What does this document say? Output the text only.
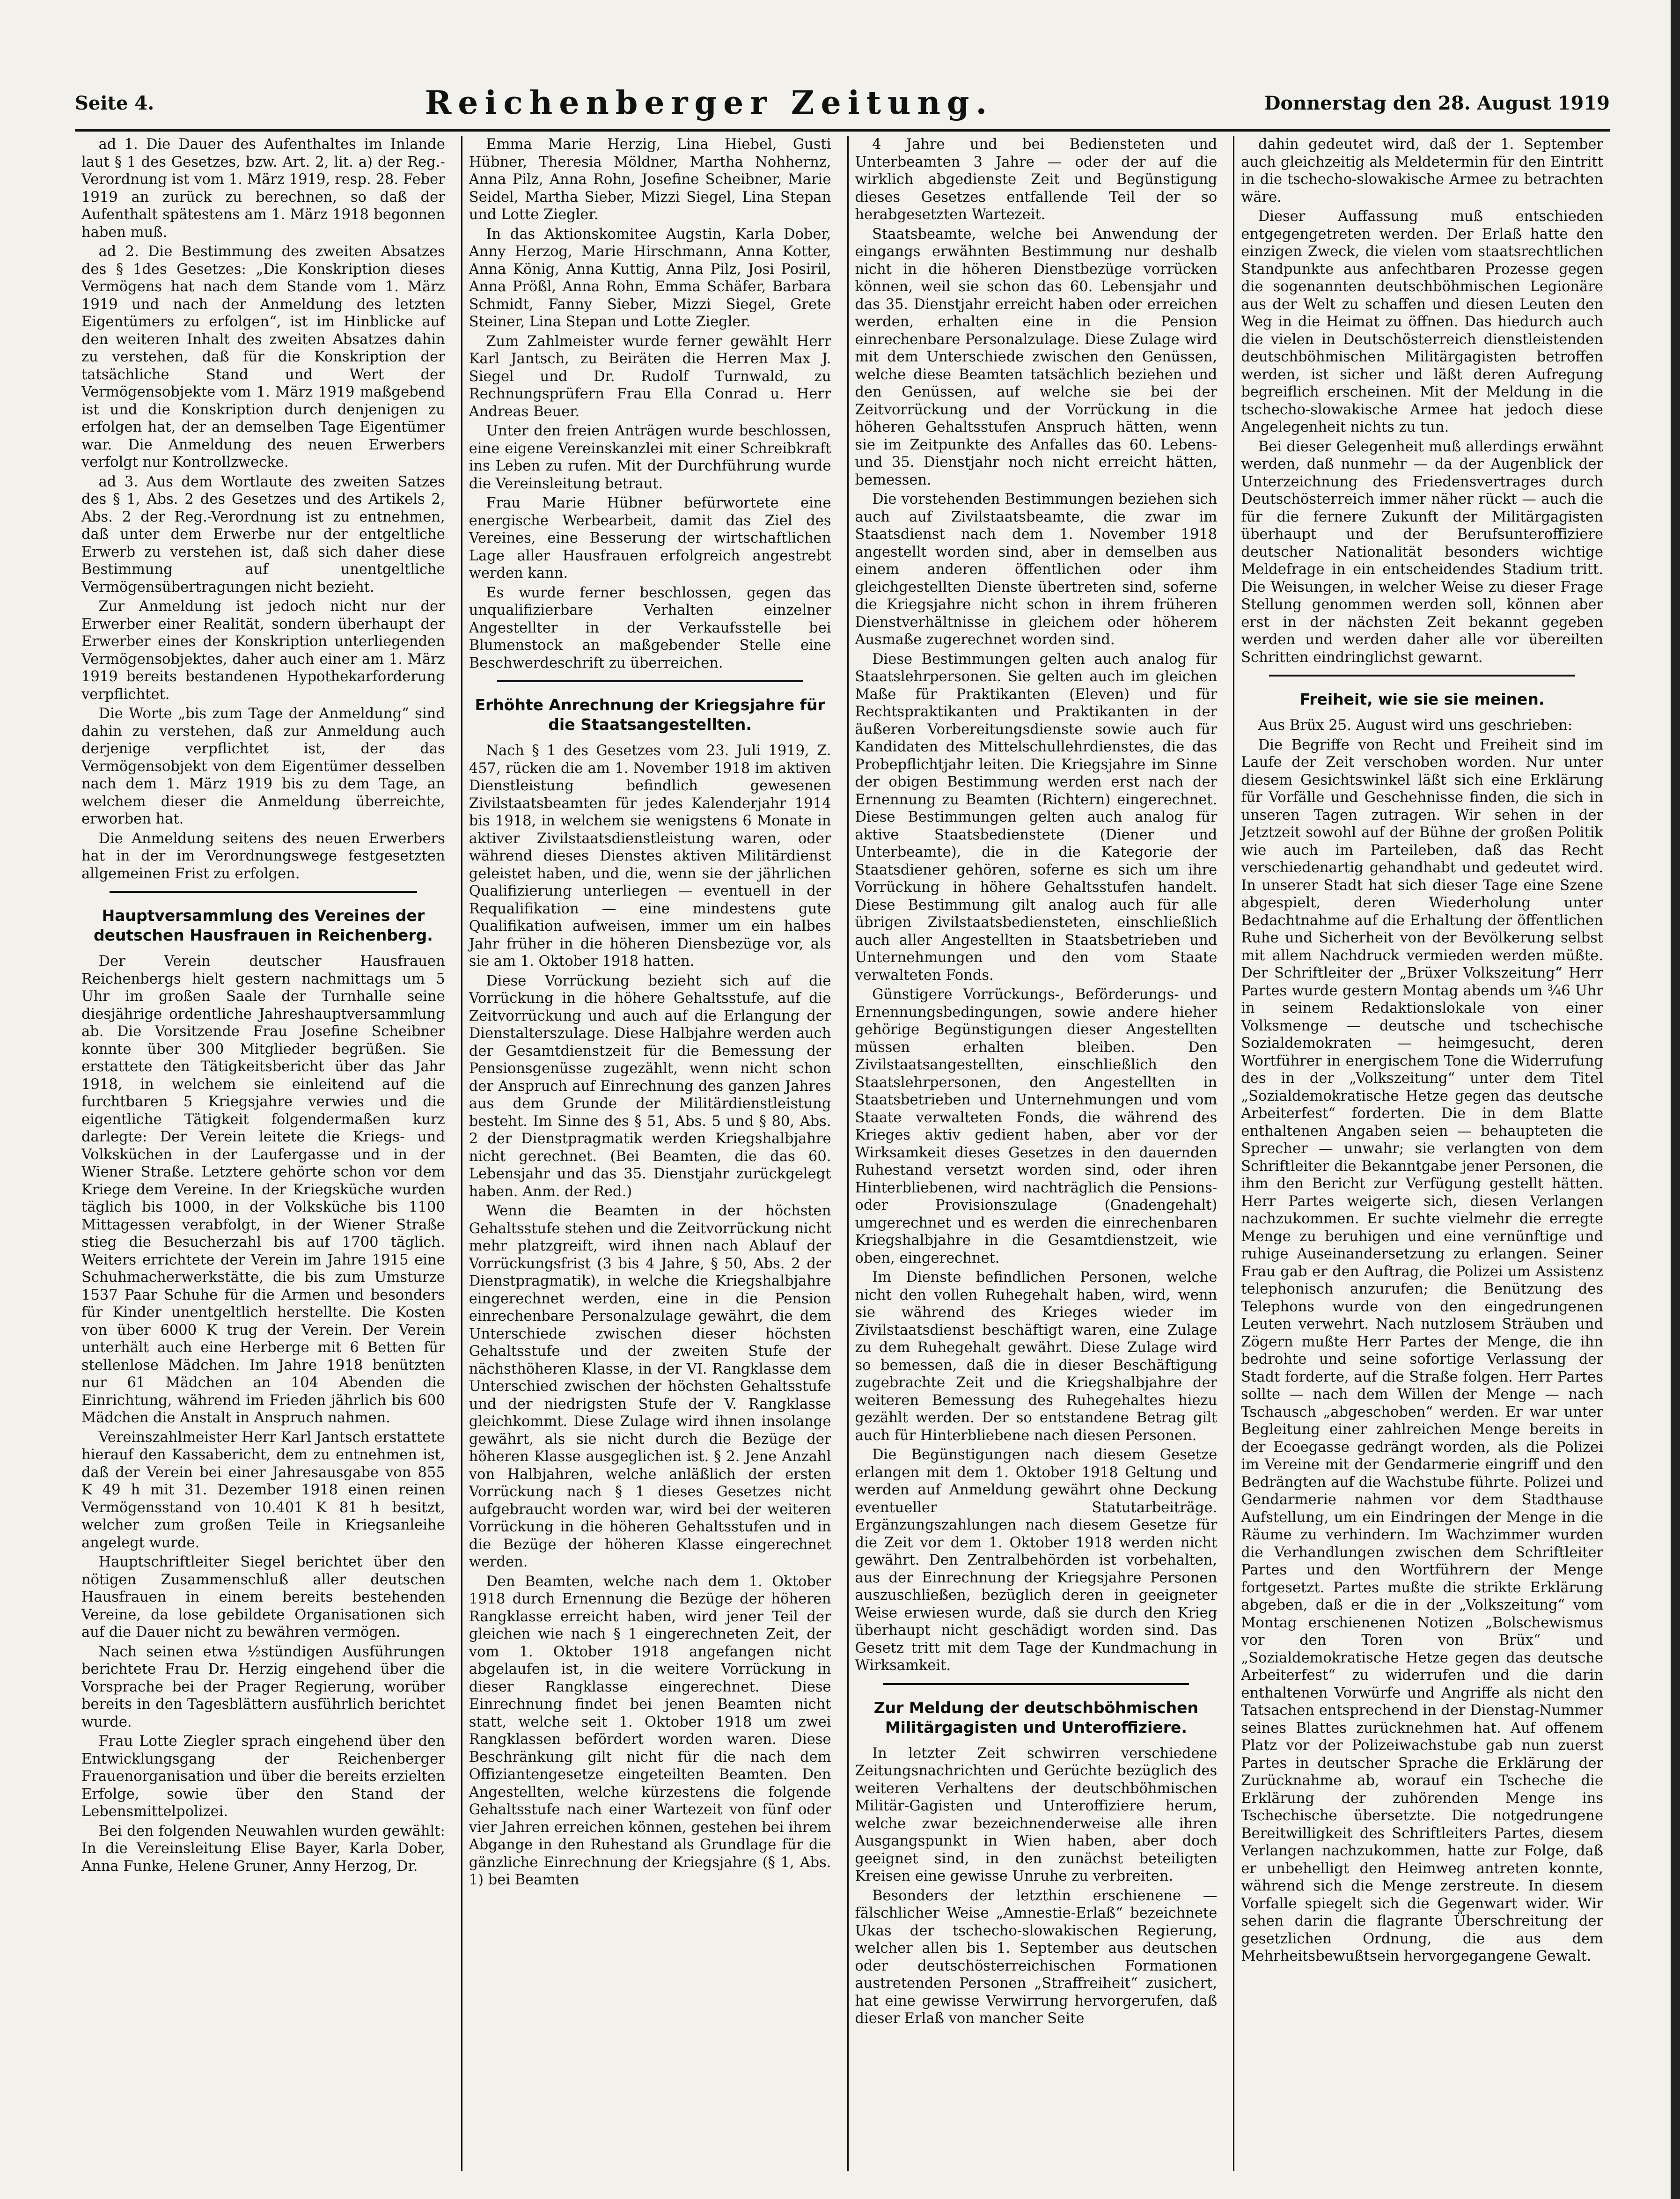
Seite 4.	Reichenberger Zeitung.	Donnerstag den 28. August 1919

ad 1. Die Dauer des Aufenthaltes im Inlande laut § 1 des Gesetzes, bzw. Art. 2, lit. a) der Reg.-Verordnung ist vom 1. März 1919, resp. 28. Feber 1919 an zurück zu berechnen, so daß der Aufenthalt spätestens am 1. März 1918 begonnen haben muß.

ad 2. Die Bestimmung des zweiten Absatzes des § 1des Gesetzes: „Die Konskription dieses Vermögens hat nach dem Stande vom 1. März 1919 und nach der Anmeldung des letzten Eigentümers zu erfolgen“, ist im Hinblicke auf den weiteren Inhalt des zweiten Absatzes dahin zu verstehen, daß für die Konskription der tatsächliche Stand und Wert der Vermögensobjekte vom 1. März 1919 maßgebend ist und die Konskription durch denjenigen zu erfolgen hat, der an demselben Tage Eigentümer war. Die Anmeldung des neuen Erwerbers verfolgt nur Kontrollzwecke.

ad 3. Aus dem Wortlaute des zweiten Satzes des § 1, Abs. 2 des Gesetzes und des Artikels 2, Abs. 2 der Reg.-Verordnung ist zu entnehmen, daß unter dem Erwerbe nur der entgeltliche Erwerb zu verstehen ist, daß sich daher diese Bestimmung auf unentgeltliche Vermögensübertragungen nicht bezieht.

Zur Anmeldung ist jedoch nicht nur der Erwerber einer Realität, sondern überhaupt der Erwerber eines der Konskription unterliegenden Vermögensobjektes, daher auch einer am 1. März 1919 bereits bestandenen Hypothekarforderung verpflichtet.

Die Worte „bis zum Tage der Anmeldung“ sind dahin zu verstehen, daß zur Anmeldung auch derjenige verpflichtet ist, der das Vermögensobjekt von dem Eigentümer desselben nach dem 1. März 1919 bis zu dem Tage, an welchem dieser die Anmeldung überreichte, erworben hat.

Die Anmeldung seitens des neuen Erwerbers hat in der im Verordnungswege festgesetzten allgemeinen Frist zu erfolgen.

Hauptversammlung des Vereines der deutschen Hausfrauen in Reichenberg.

Der Verein deutscher Hausfrauen Reichenbergs hielt gestern nachmittags um 5 Uhr im großen Saale der Turnhalle seine diesjährige ordentliche Jahreshauptversammlung ab. Die Vorsitzende Frau Josefine Scheibner konnte über 300 Mitglieder begrüßen. Sie erstattete den Tätigkeitsbericht über das Jahr 1918, in welchem sie einleitend auf die furchtbaren 5 Kriegsjahre verwies und die eigentliche Tätigkeit folgendermaßen kurz darlegte: Der Verein leitete die Kriegs- und Volksküchen in der Laufergasse und in der Wiener Straße. Letztere gehörte schon vor dem Kriege dem Vereine. In der Kriegsküche wurden täglich bis 1000, in der Volksküche bis 1100 Mittagessen verabfolgt, in der Wiener Straße stieg die Besucherzahl bis auf 1700 täglich. Weiters errichtete der Verein im Jahre 1915 eine Schuhmacherwerkstätte, die bis zum Umsturze 1537 Paar Schuhe für die Armen und besonders für Kinder unentgeltlich herstellte. Die Kosten von über 6000 K trug der Verein. Der Verein unterhält auch eine Herberge mit 6 Betten für stellenlose Mädchen. Im Jahre 1918 benützten nur 61 Mädchen an 104 Abenden die Einrichtung, während im Frieden jährlich bis 600 Mädchen die Anstalt in Anspruch nahmen.

Vereinszahlmeister Herr Karl Jantsch erstattete hierauf den Kassabericht, dem zu entnehmen ist, daß der Verein bei einer Jahresausgabe von 855 K 49 h mit 31. Dezember 1918 einen reinen Vermögensstand von 10.401 K 81 h besitzt, welcher zum großen Teile in Kriegsanleihe angelegt wurde.

Hauptschriftleiter Siegel berichtet über den nötigen Zusammenschluß aller deutschen Hausfrauen in einem bereits bestehenden Vereine, da lose gebildete Organisationen sich auf die Dauer nicht zu bewähren vermögen.

Nach seinen etwa ½stündigen Ausführungen berichtete Frau Dr. Herzig eingehend über die Vorsprache bei der Prager Regierung, worüber bereits in den Tagesblättern ausführlich berichtet wurde.

Frau Lotte Ziegler sprach eingehend über den Entwicklungsgang der Reichenberger Frauenorganisation und über die bereits erzielten Erfolge, sowie über den Stand der Lebensmittelpolizei.

Bei den folgenden Neuwahlen wurden gewählt: In die Vereinsleitung Elise Bayer, Karla Dober, Anna Funke, Helene Gruner, Anny Herzog, Dr.

Emma Marie Herzig, Lina Hiebel, Gusti Hübner, Theresia Möldner, Martha Nohhernz, Anna Pilz, Anna Rohn, Josefine Scheibner, Marie Seidel, Martha Sieber, Mizzi Siegel, Lina Stepan und Lotte Ziegler.

In das Aktionskomitee Augstin, Karla Dober, Anny Herzog, Marie Hirschmann, Anna Kotter, Anna König, Anna Kuttig, Anna Pilz, Josi Posiril, Anna Prößl, Anna Rohn, Emma Schäfer, Barbara Schmidt, Fanny Sieber, Mizzi Siegel, Grete Steiner, Lina Stepan und Lotte Ziegler.

Zum Zahlmeister wurde ferner gewählt Herr Karl Jantsch, zu Beiräten die Herren Max J. Siegel und Dr. Rudolf Turnwald, zu Rechnungsprüfern Frau Ella Conrad u. Herr Andreas Beuer.

Unter den freien Anträgen wurde beschlossen, eine eigene Vereinskanzlei mit einer Schreibkraft ins Leben zu rufen. Mit der Durchführung wurde die Vereinsleitung betraut.

Frau Marie Hübner befürwortete eine energische Werbearbeit, damit das Ziel des Vereines, eine Besserung der wirtschaftlichen Lage aller Hausfrauen erfolgreich angestrebt werden kann.

Es wurde ferner beschlossen, gegen das unqualifizierbare Verhalten einzelner Angestellter in der Verkaufsstelle bei Blumenstock an maßgebender Stelle eine Beschwerdeschrift zu überreichen.

Erhöhte Anrechnung der Kriegsjahre für die Staatsangestellten.

Nach § 1 des Gesetzes vom 23. Juli 1919, Z. 457, rücken die am 1. November 1918 im aktiven Dienstleistung befindlich gewesenen Zivilstaatsbeamten für jedes Kalenderjahr 1914 bis 1918, in welchem sie wenigstens 6 Monate in aktiver Zivilstaatsdienstleistung waren, oder während dieses Dienstes aktiven Militärdienst geleistet haben, und die, wenn sie der jährlichen Qualifizierung unterliegen — eventuell in der Requalifikation — eine mindestens gute Qualifikation aufweisen, immer um ein halbes Jahr früher in die höheren Diensbezüge vor, als sie am 1. Oktober 1918 hatten.

Diese Vorrückung bezieht sich auf die Vorrückung in die höhere Gehaltsstufe, auf die Zeitvorrückung und auch auf die Erlangung der Dienstalterszulage. Diese Halbjahre werden auch der Gesamtdienstzeit für die Bemessung der Pensionsgenüsse zugezählt, wenn nicht schon der Anspruch auf Einrechnung des ganzen Jahres aus dem Grunde der Militärdienstleistung besteht. Im Sinne des § 51, Abs. 5 und § 80, Abs. 2 der Dienstpragmatik werden Kriegshalbjahre nicht gerechnet. (Bei Beamten, die das 60. Lebensjahr und das 35. Dienstjahr zurückgelegt haben. Anm. der Red.)

Wenn die Beamten in der höchsten Gehaltsstufe stehen und die Zeitvorrückung nicht mehr platzgreift, wird ihnen nach Ablauf der Vorrückungsfrist (3 bis 4 Jahre, § 50, Abs. 2 der Dienstpragmatik), in welche die Kriegshalbjahre eingerechnet werden, eine in die Pension einrechenbare Personalzulage gewährt, die dem Unterschiede zwischen dieser höchsten Gehaltsstufe und der zweiten Stufe der nächsthöheren Klasse, in der VI. Rangklasse dem Unterschied zwischen der höchsten Gehaltsstufe und der niedrigsten Stufe der V. Rangklasse gleichkommt. Diese Zulage wird ihnen insolange gewährt, als sie nicht durch die Bezüge der höheren Klasse ausgeglichen ist. § 2. Jene Anzahl von Halbjahren, welche anläßlich der ersten Vorrückung nach § 1 dieses Gesetzes nicht aufgebraucht worden war, wird bei der weiteren Vorrückung in die höheren Gehaltsstufen und in die Bezüge der höheren Klasse eingerechnet werden.

Den Beamten, welche nach dem 1. Oktober 1918 durch Ernennung die Bezüge der höheren Rangklasse erreicht haben, wird jener Teil der gleichen wie nach § 1 eingerechneten Zeit, der vom 1. Oktober 1918 angefangen nicht abgelaufen ist, in die weitere Vorrückung in dieser Rangklasse eingerechnet. Diese Einrechnung findet bei jenen Beamten nicht statt, welche seit 1. Oktober 1918 um zwei Rangklassen befördert worden waren. Diese Beschränkung gilt nicht für die nach dem Offiziantengesetze eingeteilten Beamten. Den Angestellten, welche kürzestens die folgende Gehaltsstufe nach einer Wartezeit von fünf oder vier Jahren erreichen können, gestehen bei ihrem Abgange in den Ruhestand als Grundlage für die gänzliche Einrechnung der Kriegsjahre (§ 1, Abs. 1) bei Beamten

4 Jahre und bei Bediensteten und Unterbeamten 3 Jahre — oder der auf die wirklich abgedienste Zeit und Begünstigung dieses Gesetzes entfallende Teil der so herabgesetzten Wartezeit.

Staatsbeamte, welche bei Anwendung der eingangs erwähnten Bestimmung nur deshalb nicht in die höheren Dienstbezüge vorrücken können, weil sie schon das 60. Lebensjahr und das 35. Dienstjahr erreicht haben oder erreichen werden, erhalten eine in die Pension einrechenbare Personalzulage. Diese Zulage wird mit dem Unterschiede zwischen den Genüssen, welche diese Beamten tatsächlich beziehen und den Genüssen, auf welche sie bei der Zeitvorrückung und der Vorrückung in die höheren Gehaltsstufen Anspruch hätten, wenn sie im Zeitpunkte des Anfalles das 60. Lebens- und 35. Dienstjahr noch nicht erreicht hätten, bemessen.

Die vorstehenden Bestimmungen beziehen sich auch auf Zivilstaatsbeamte, die zwar im Staatsdienst nach dem 1. November 1918 angestellt worden sind, aber in demselben aus einem anderen öffentlichen oder ihm gleichgestellten Dienste übertreten sind, soferne die Kriegsjahre nicht schon in ihrem früheren Dienstverhältnisse in gleichem oder höherem Ausmaße zugerechnet worden sind.

Diese Bestimmungen gelten auch analog für Staatslehrpersonen. Sie gelten auch im gleichen Maße für Praktikanten (Eleven) und für Rechtspraktikanten und Praktikanten in der äußeren Vorbereitungsdienste sowie auch für Kandidaten des Mittelschullehrdienstes, die das Probepflichtjahr leiten. Die Kriegsjahre im Sinne der obigen Bestimmung werden erst nach der Ernennung zu Beamten (Richtern) eingerechnet. Diese Bestimmungen gelten auch analog für aktive Staatsbedienstete (Diener und Unterbeamte), die in die Kategorie der Staatsdiener gehören, soferne es sich um ihre Vorrückung in höhere Gehaltsstufen handelt. Diese Bestimmung gilt analog auch für alle übrigen Zivilstaatsbediensteten, einschließlich auch aller Angestellten in Staatsbetrieben und Unternehmungen und den vom Staate verwalteten Fonds.

Günstigere Vorrückungs-, Beförderungs- und Ernennungsbedingungen, sowie andere hieher gehörige Begünstigungen dieser Angestellten müssen erhalten bleiben. Den Zivilstaatsangestellten, einschließlich den Staatslehrpersonen, den Angestellten in Staatsbetrieben und Unternehmungen und vom Staate verwalteten Fonds, die während des Krieges aktiv gedient haben, aber vor der Wirksamkeit dieses Gesetzes in den dauernden Ruhestand versetzt worden sind, oder ihren Hinterbliebenen, wird nachträglich die Pensions- oder Provisionszulage (Gnadengehalt) umgerechnet und es werden die einrechenbaren Kriegshalbjahre in die Gesamtdienstzeit, wie oben, eingerechnet.

Im Dienste befindlichen Personen, welche nicht den vollen Ruhegehalt haben, wird, wenn sie während des Krieges wieder im Zivilstaatsdienst beschäftigt waren, eine Zulage zu dem Ruhegehalt gewährt. Diese Zulage wird so bemessen, daß die in dieser Beschäftigung zugebrachte Zeit und die Kriegshalbjahre der weiteren Bemessung des Ruhegehaltes hiezu gezählt werden. Der so entstandene Betrag gilt auch für Hinterbliebene nach diesen Personen.

Die Begünstigungen nach diesem Gesetze erlangen mit dem 1. Oktober 1918 Geltung und werden auf Anmeldung gewährt ohne Deckung eventueller Statutarbeiträge. Ergänzungszahlungen nach diesem Gesetze für die Zeit vor dem 1. Oktober 1918 werden nicht gewährt. Den Zentralbehörden ist vorbehalten, aus der Einrechnung der Kriegsjahre Personen auszuschließen, bezüglich deren in geeigneter Weise erwiesen wurde, daß sie durch den Krieg überhaupt nicht geschädigt worden sind. Das Gesetz tritt mit dem Tage der Kundmachung in Wirksamkeit.

Zur Meldung der deutschböhmischen Militärgagisten und Unteroffiziere.

In letzter Zeit schwirren verschiedene Zeitungsnachrichten und Gerüchte bezüglich des weiteren Verhaltens der deutschböhmischen Militär-Gagisten und Unteroffiziere herum, welche zwar bezeichnenderweise alle ihren Ausgangspunkt in Wien haben, aber doch geeignet sind, in den zunächst beteiligten Kreisen eine gewisse Unruhe zu verbreiten.

Besonders der letzthin erschienene — fälschlicher Weise „Amnestie-Erlaß“ bezeichnete Ukas der tschecho-slowakischen Regierung, welcher allen bis 1. September aus deutschen oder deutschösterreichischen Formationen austretenden Personen „Straffreiheit“ zusichert, hat eine gewisse Verwirrung hervorgerufen, daß dieser Erlaß von mancher Seite

dahin gedeutet wird, daß der 1. September auch gleichzeitig als Meldetermin für den Eintritt in die tschecho-slowakische Armee zu betrachten wäre.

Dieser Auffassung muß entschieden entgegengetreten werden. Der Erlaß hatte den einzigen Zweck, die vielen vom staatsrechtlichen Standpunkte aus anfechtbaren Prozesse gegen die sogenannten deutschböhmischen Legionäre aus der Welt zu schaffen und diesen Leuten den Weg in die Heimat zu öffnen. Das hiedurch auch die vielen in Deutschösterreich dienstleistenden deutschböhmischen Militärgagisten betroffen werden, ist sicher und läßt deren Aufregung begreiflich erscheinen. Mit der Meldung in die tschecho-slowakische Armee hat jedoch diese Angelegenheit nichts zu tun.

Bei dieser Gelegenheit muß allerdings erwähnt werden, daß nunmehr — da der Augenblick der Unterzeichnung des Friedensvertrages durch Deutschösterreich immer näher rückt — auch die für die fernere Zukunft der Militärgagisten überhaupt und der Berufsunteroffiziere deutscher Nationalität besonders wichtige Meldefrage in ein entscheidendes Stadium tritt. Die Weisungen, in welcher Weise zu dieser Frage Stellung genommen werden soll, können aber erst in der nächsten Zeit bekannt gegeben werden und werden daher alle vor übereilten Schritten eindringlichst gewarnt.

Freiheit, wie sie sie meinen.

Aus Brüx 25. August wird uns geschrieben:

Die Begriffe von Recht und Freiheit sind im Laufe der Zeit verschoben worden. Nur unter diesem Gesichtswinkel läßt sich eine Erklärung für Vorfälle und Geschehnisse finden, die sich in unseren Tagen zutragen. Wir sehen in der Jetztzeit sowohl auf der Bühne der großen Politik wie auch im Parteileben, daß das Recht verschiedenartig gehandhabt und gedeutet wird. In unserer Stadt hat sich dieser Tage eine Szene abgespielt, deren Wiederholung unter Bedachtnahme auf die Erhaltung der öffentlichen Ruhe und Sicherheit von der Bevölkerung selbst mit allem Nachdruck vermieden werden müßte. Der Schriftleiter der „Brüxer Volkszeitung“ Herr Partes wurde gestern Montag abends um ¾6 Uhr in seinem Redaktionslokale von einer Volksmenge — deutsche und tschechische Sozialdemokraten — heimgesucht, deren Wortführer in energischem Tone die Widerrufung des in der „Volkszeitung“ unter dem Titel „Sozialdemokratische Hetze gegen das deutsche Arbeiterfest“ forderten. Die in dem Blatte enthaltenen Angaben seien — behaupteten die Sprecher — unwahr; sie verlangten von dem Schriftleiter die Bekanntgabe jener Personen, die ihm den Bericht zur Verfügung gestellt hätten. Herr Partes weigerte sich, diesen Verlangen nachzukommen. Er suchte vielmehr die erregte Menge zu beruhigen und eine vernünftige und ruhige Auseinandersetzung zu erlangen. Seiner Frau gab er den Auftrag, die Polizei um Assistenz telephonisch anzurufen; die Benützung des Telephons wurde von den eingedrungenen Leuten verwehrt. Nach nutzlosem Sträuben und Zögern mußte Herr Partes der Menge, die ihn bedrohte und seine sofortige Verlassung der Stadt forderte, auf die Straße folgen. Herr Partes sollte — nach dem Willen der Menge — nach Tschausch „abgeschoben“ werden. Er war unter Begleitung einer zahlreichen Menge bereits in der Ecoegasse gedrängt worden, als die Polizei im Vereine mit der Gendarmerie eingriff und den Bedrängten auf die Wachstube führte. Polizei und Gendarmerie nahmen vor dem Stadthause Aufstellung, um ein Eindringen der Menge in die Räume zu verhindern. Im Wachzimmer wurden die Verhandlungen zwischen dem Schriftleiter Partes und den Wortführern der Menge fortgesetzt. Partes mußte die strikte Erklärung abgeben, daß er die in der „Volkszeitung“ vom Montag erschienenen Notizen „Bolschewismus vor den Toren von Brüx“ und „Sozialdemokratische Hetze gegen das deutsche Arbeiterfest“ zu widerrufen und die darin enthaltenen Vorwürfe und Angriffe als nicht den Tatsachen entsprechend in der Dienstag-Nummer seines Blattes zurücknehmen hat. Auf offenem Platz vor der Polizeiwachstube gab nun zuerst Partes in deutscher Sprache die Erklärung der Zurücknahme ab, worauf ein Tscheche die Erklärung der zuhörenden Menge ins Tschechische übersetzte. Die notgedrungene Bereitwilligkeit des Schriftleiters Partes, diesem Verlangen nachzukommen, hatte zur Folge, daß er unbehelligt den Heimweg antreten konnte, während sich die Menge zerstreute. In diesem Vorfalle spiegelt sich die Gegenwart wider. Wir sehen darin die flagrante Überschreitung der gesetzlichen Ordnung, die aus dem Mehrheitsbewußtsein hervorgegangene Gewalt.
